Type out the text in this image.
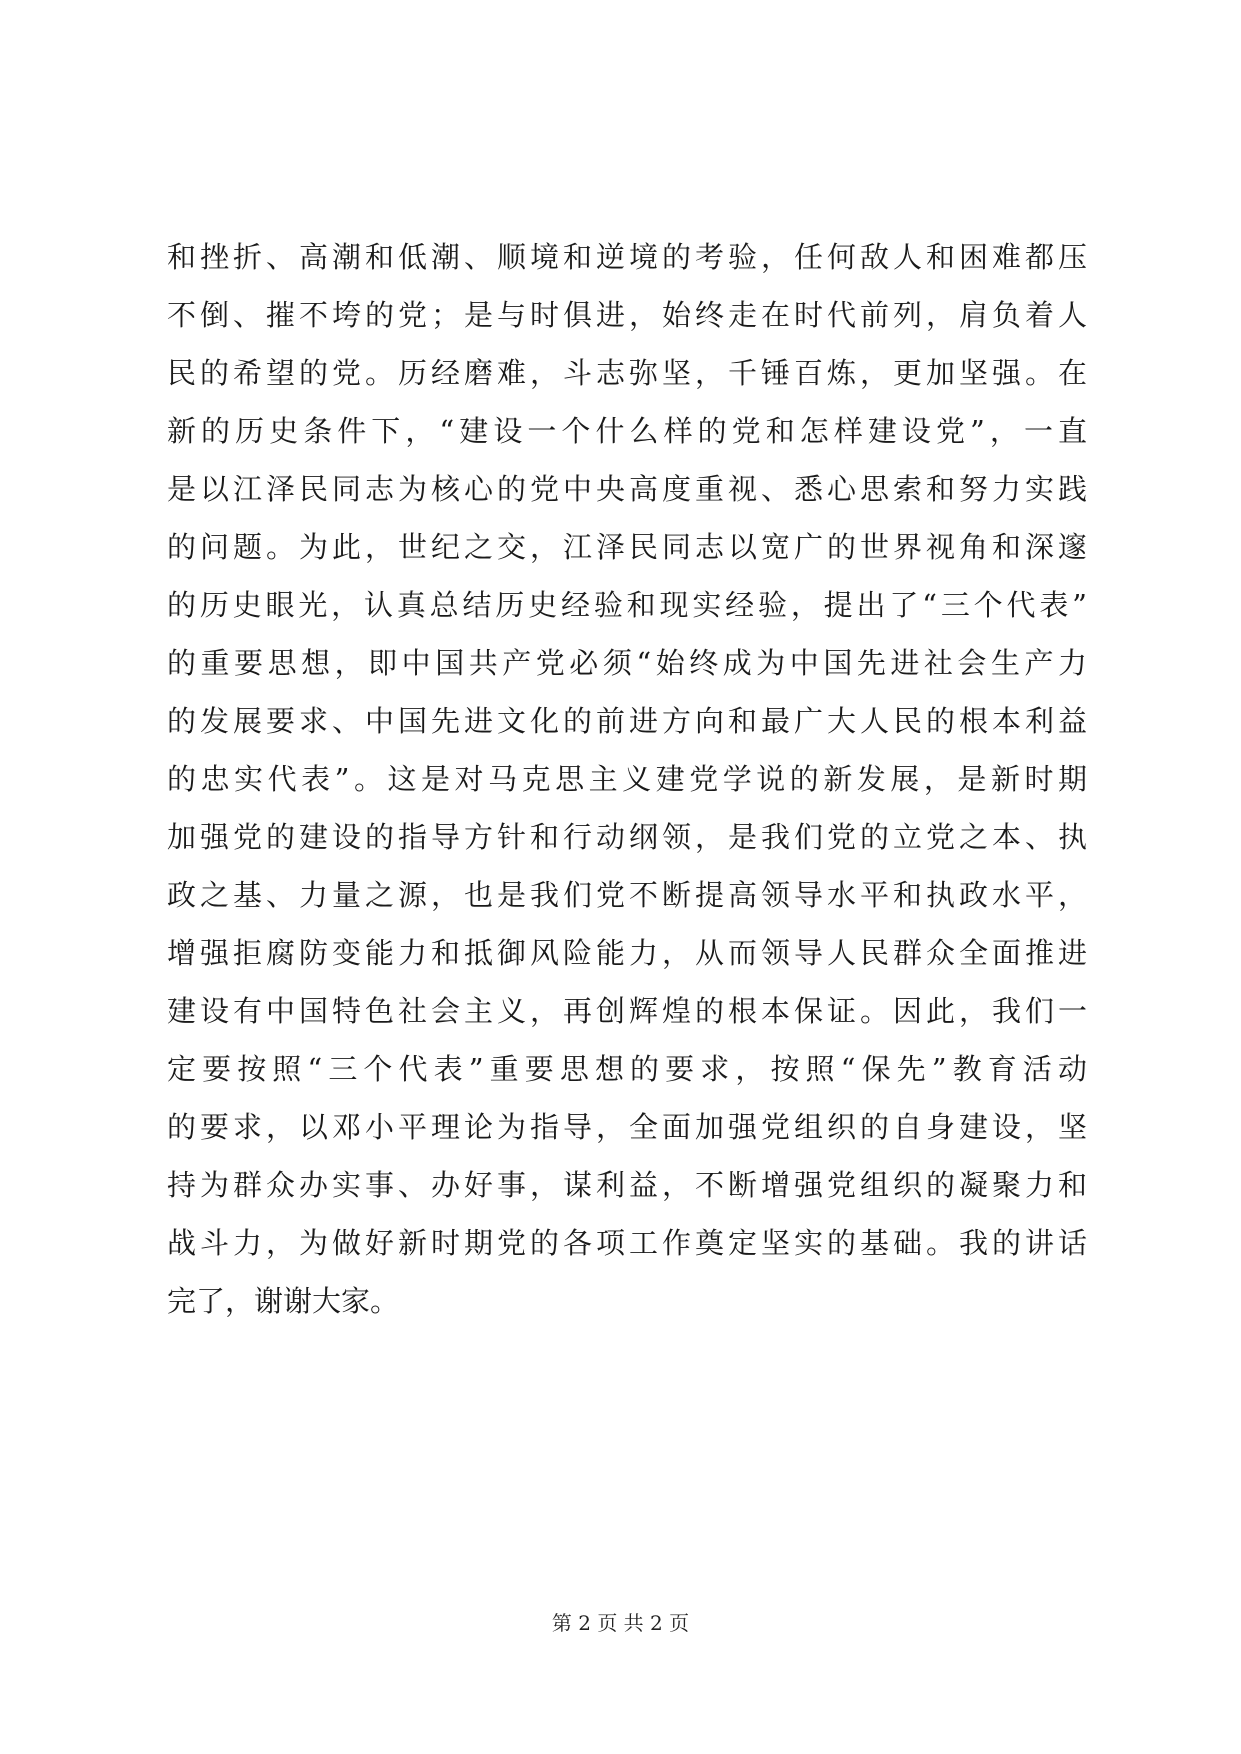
和挫折、高潮和低潮、顺境和逆境的考验，任何敌人和困难都压
不倒、摧不垮的党；是与时俱进，始终走在时代前列，肩负着人
民的希望的党。历经磨难，斗志弥坚，千锤百炼，更加坚强。在
新的历史条件下，“建设一个什么样的党和怎样建设党”，一直
是以江泽民同志为核心的党中央高度重视、悉心思索和努力实践
的问题。为此，世纪之交，江泽民同志以宽广的世界视角和深邃
的历史眼光，认真总结历史经验和现实经验，提出了“三个代表”
的重要思想，即中国共产党必须“始终成为中国先进社会生产力
的发展要求、中国先进文化的前进方向和最广大人民的根本利益
的忠实代表”。这是对马克思主义建党学说的新发展，是新时期
加强党的建设的指导方针和行动纲领，是我们党的立党之本、执
政之基、力量之源，也是我们党不断提高领导水平和执政水平，
增强拒腐防变能力和抵御风险能力，从而领导人民群众全面推进
建设有中国特色社会主义，再创辉煌的根本保证。因此，我们一
定要按照“三个代表”重要思想的要求，按照“保先”教育活动
的要求，以邓小平理论为指导，全面加强党组织的自身建设，坚
持为群众办实事、办好事，谋利益，不断增强党组织的凝聚力和
战斗力，为做好新时期党的各项工作奠定坚实的基础。我的讲话
完了，谢谢大家。
第 2 页 共 2 页
